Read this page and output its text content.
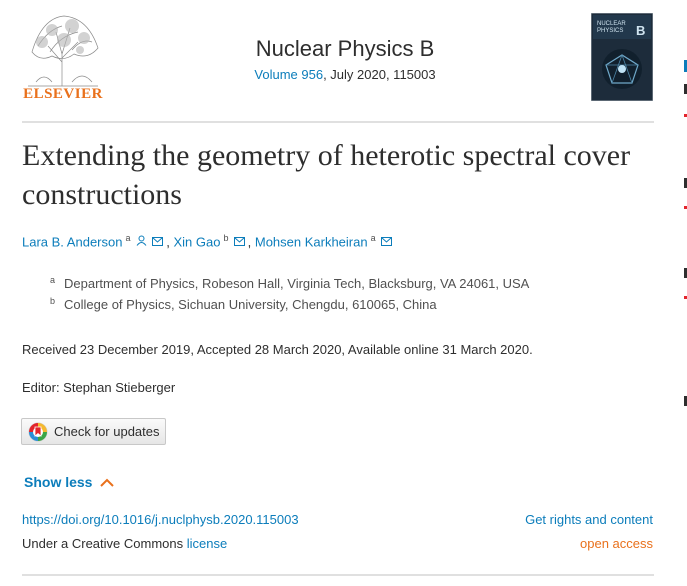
ELSEVIER
Nuclear Physics B
Volume 956, July 2020, 115003
NUCLEAR
PHYSICS B
Extending the geometry of heterotic spectral cover constructions
Lara B. Anderson $^a$	, Xin Gao $^b$ , Mohsen Karkheiran $^a$
a Department of Physics, Robeson Hall, Virginia Tech, Blacksburg, VA 24061, USA
b College of Physics, Sichuan University, Chengdu, 610065, China
Received 23 December 2019, Accepted 28 March 2020, Available online 31 March 2020.
Editor: Stephan Stieberger
Check for updates
Show less
https://doi.org/10.1016/j.nuclphysb.2020.115003
Under a Creative Commons license
Get rights and content
open access
